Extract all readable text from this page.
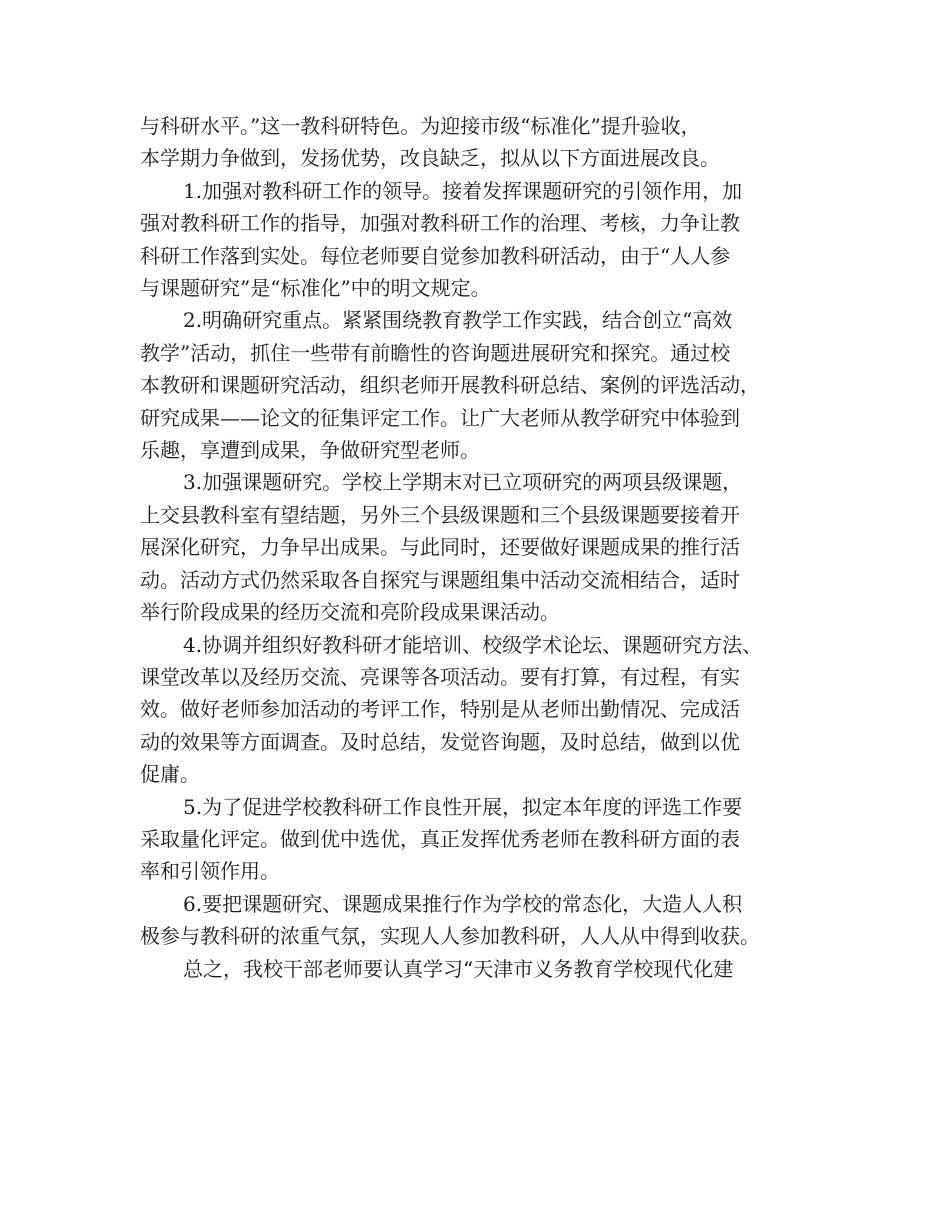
与科研水平。”这一教科研特色。为迎接市级“标准化”提升验收，
本学期力争做到，发扬优势，改良缺乏，拟从以下方面进展改良。

1.加强对教科研工作的领导。接着发挥课题研究的引领作用，加
强对教科研工作的指导，加强对教科研工作的治理、考核，力争让教
科研工作落到实处。每位老师要自觉参加教科研活动，由于“人人参
与课题研究”是“标准化”中的明文规定。

2.明确研究重点。紧紧围绕教育教学工作实践，结合创立“高效
教学”活动，抓住一些带有前瞻性的咨询题进展研究和探究。通过校
本教研和课题研究活动，组织老师开展教科研总结、案例的评选活动，
研究成果——论文的征集评定工作。让广大老师从教学研究中体验到
乐趣，享遭到成果，争做研究型老师。

3.加强课题研究。学校上学期末对已立项研究的两项县级课题，
上交县教科室有望结题，另外三个县级课题和三个县级课题要接着开
展深化研究，力争早出成果。与此同时，还要做好课题成果的推行活
动。活动方式仍然采取各自探究与课题组集中活动交流相结合，适时
举行阶段成果的经历交流和亮阶段成果课活动。

4.协调并组织好教科研才能培训、校级学术论坛、课题研究方法、
课堂改革以及经历交流、亮课等各项活动。要有打算，有过程，有实
效。做好老师参加活动的考评工作，特别是从老师出勤情况、完成活
动的效果等方面调查。及时总结，发觉咨询题，及时总结，做到以优
促庸。

5.为了促进学校教科研工作良性开展，拟定本年度的评选工作要
采取量化评定。做到优中选优，真正发挥优秀老师在教科研方面的表
率和引领作用。

6.要把课题研究、课题成果推行作为学校的常态化，大造人人积
极参与教科研的浓重气氛，实现人人参加教科研，人人从中得到收获。

总之，我校干部老师要认真学习“天津市义务教育学校现代化建
